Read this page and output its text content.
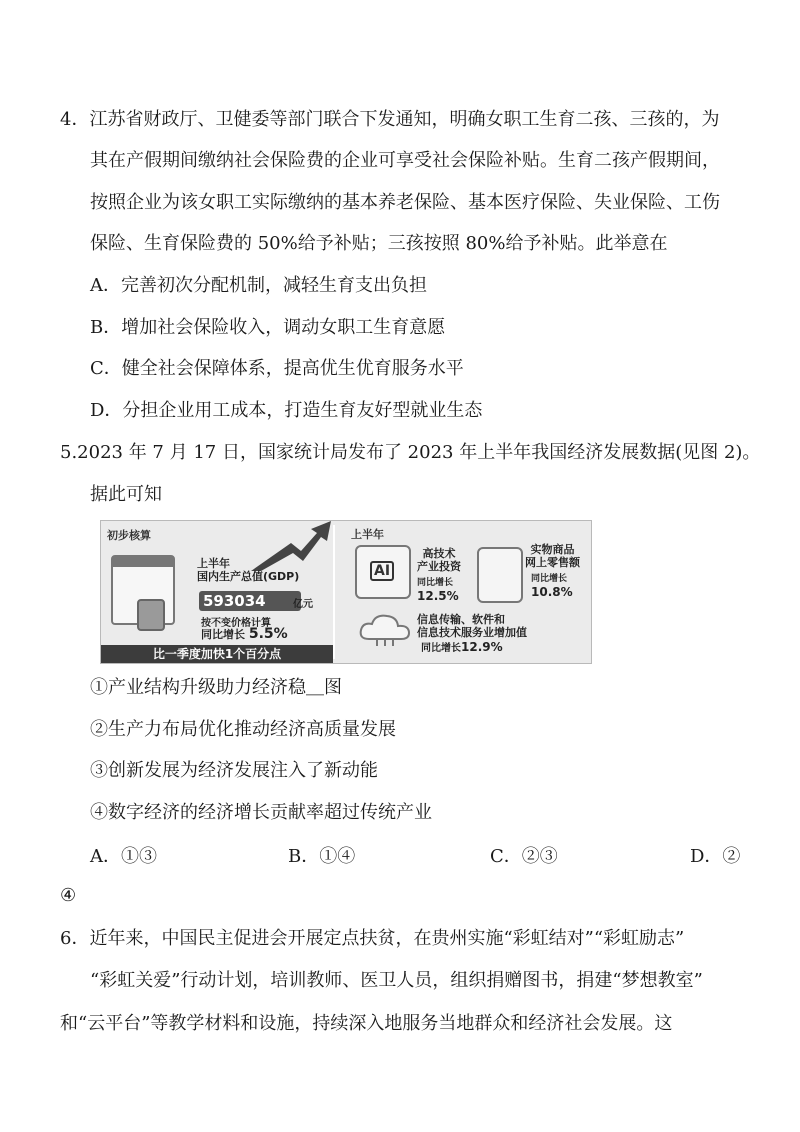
4．江苏省财政厅、卫健委等部门联合下发通知，明确女职工生育二孩、三孩的，为
其在产假期间缴纳社会保险费的企业可享受社会保险补贴。生育二孩产假期间，
按照企业为该女职工实际缴纳的基本养老保险、基本医疗保险、失业保险、工伤
保险、生育保险费的 50%给予补贴；三孩按照 80%给予补贴。此举意在
A．完善初次分配机制，减轻生育支出负担
B．增加社会保险收入，调动女职工生育意愿
C．健全社会保障体系，提高优生优育服务水平
D．分担企业用工成本，打造生育友好型就业生态
5.2023 年 7 月 17 日，国家统计局发布了 2023 年上半年我国经济发展数据(见图 2)。
据此可知
初步核算
上半年
国内生产总值(GDP)
593034	亿元
按不变价格计算
同比增长 5.5%
比一季度加快1个百分点
上半年
AI
高技术
产业投资
同比增长
12.5%
实物商品
网上零售额
同比增长
10.8%
信息传输、软件和
信息技术服务业增加值
同比增长12.9%
①产业结构升级助力经济稳＿图
②生产力布局优化推动经济高质量发展
③创新发展为经济发展注入了新动能
④数字经济的经济增长贡献率超过传统产业
A．①③	B．①④	C．②③	D．②
④
6．近年来，中国民主促进会开展定点扶贫，在贵州实施“彩虹结对”“彩虹励志”
“彩虹关爱”行动计划，培训教师、医卫人员，组织捐赠图书，捐建“梦想教室”
和“云平台”等教学材料和设施，持续深入地服务当地群众和经济社会发展。这
